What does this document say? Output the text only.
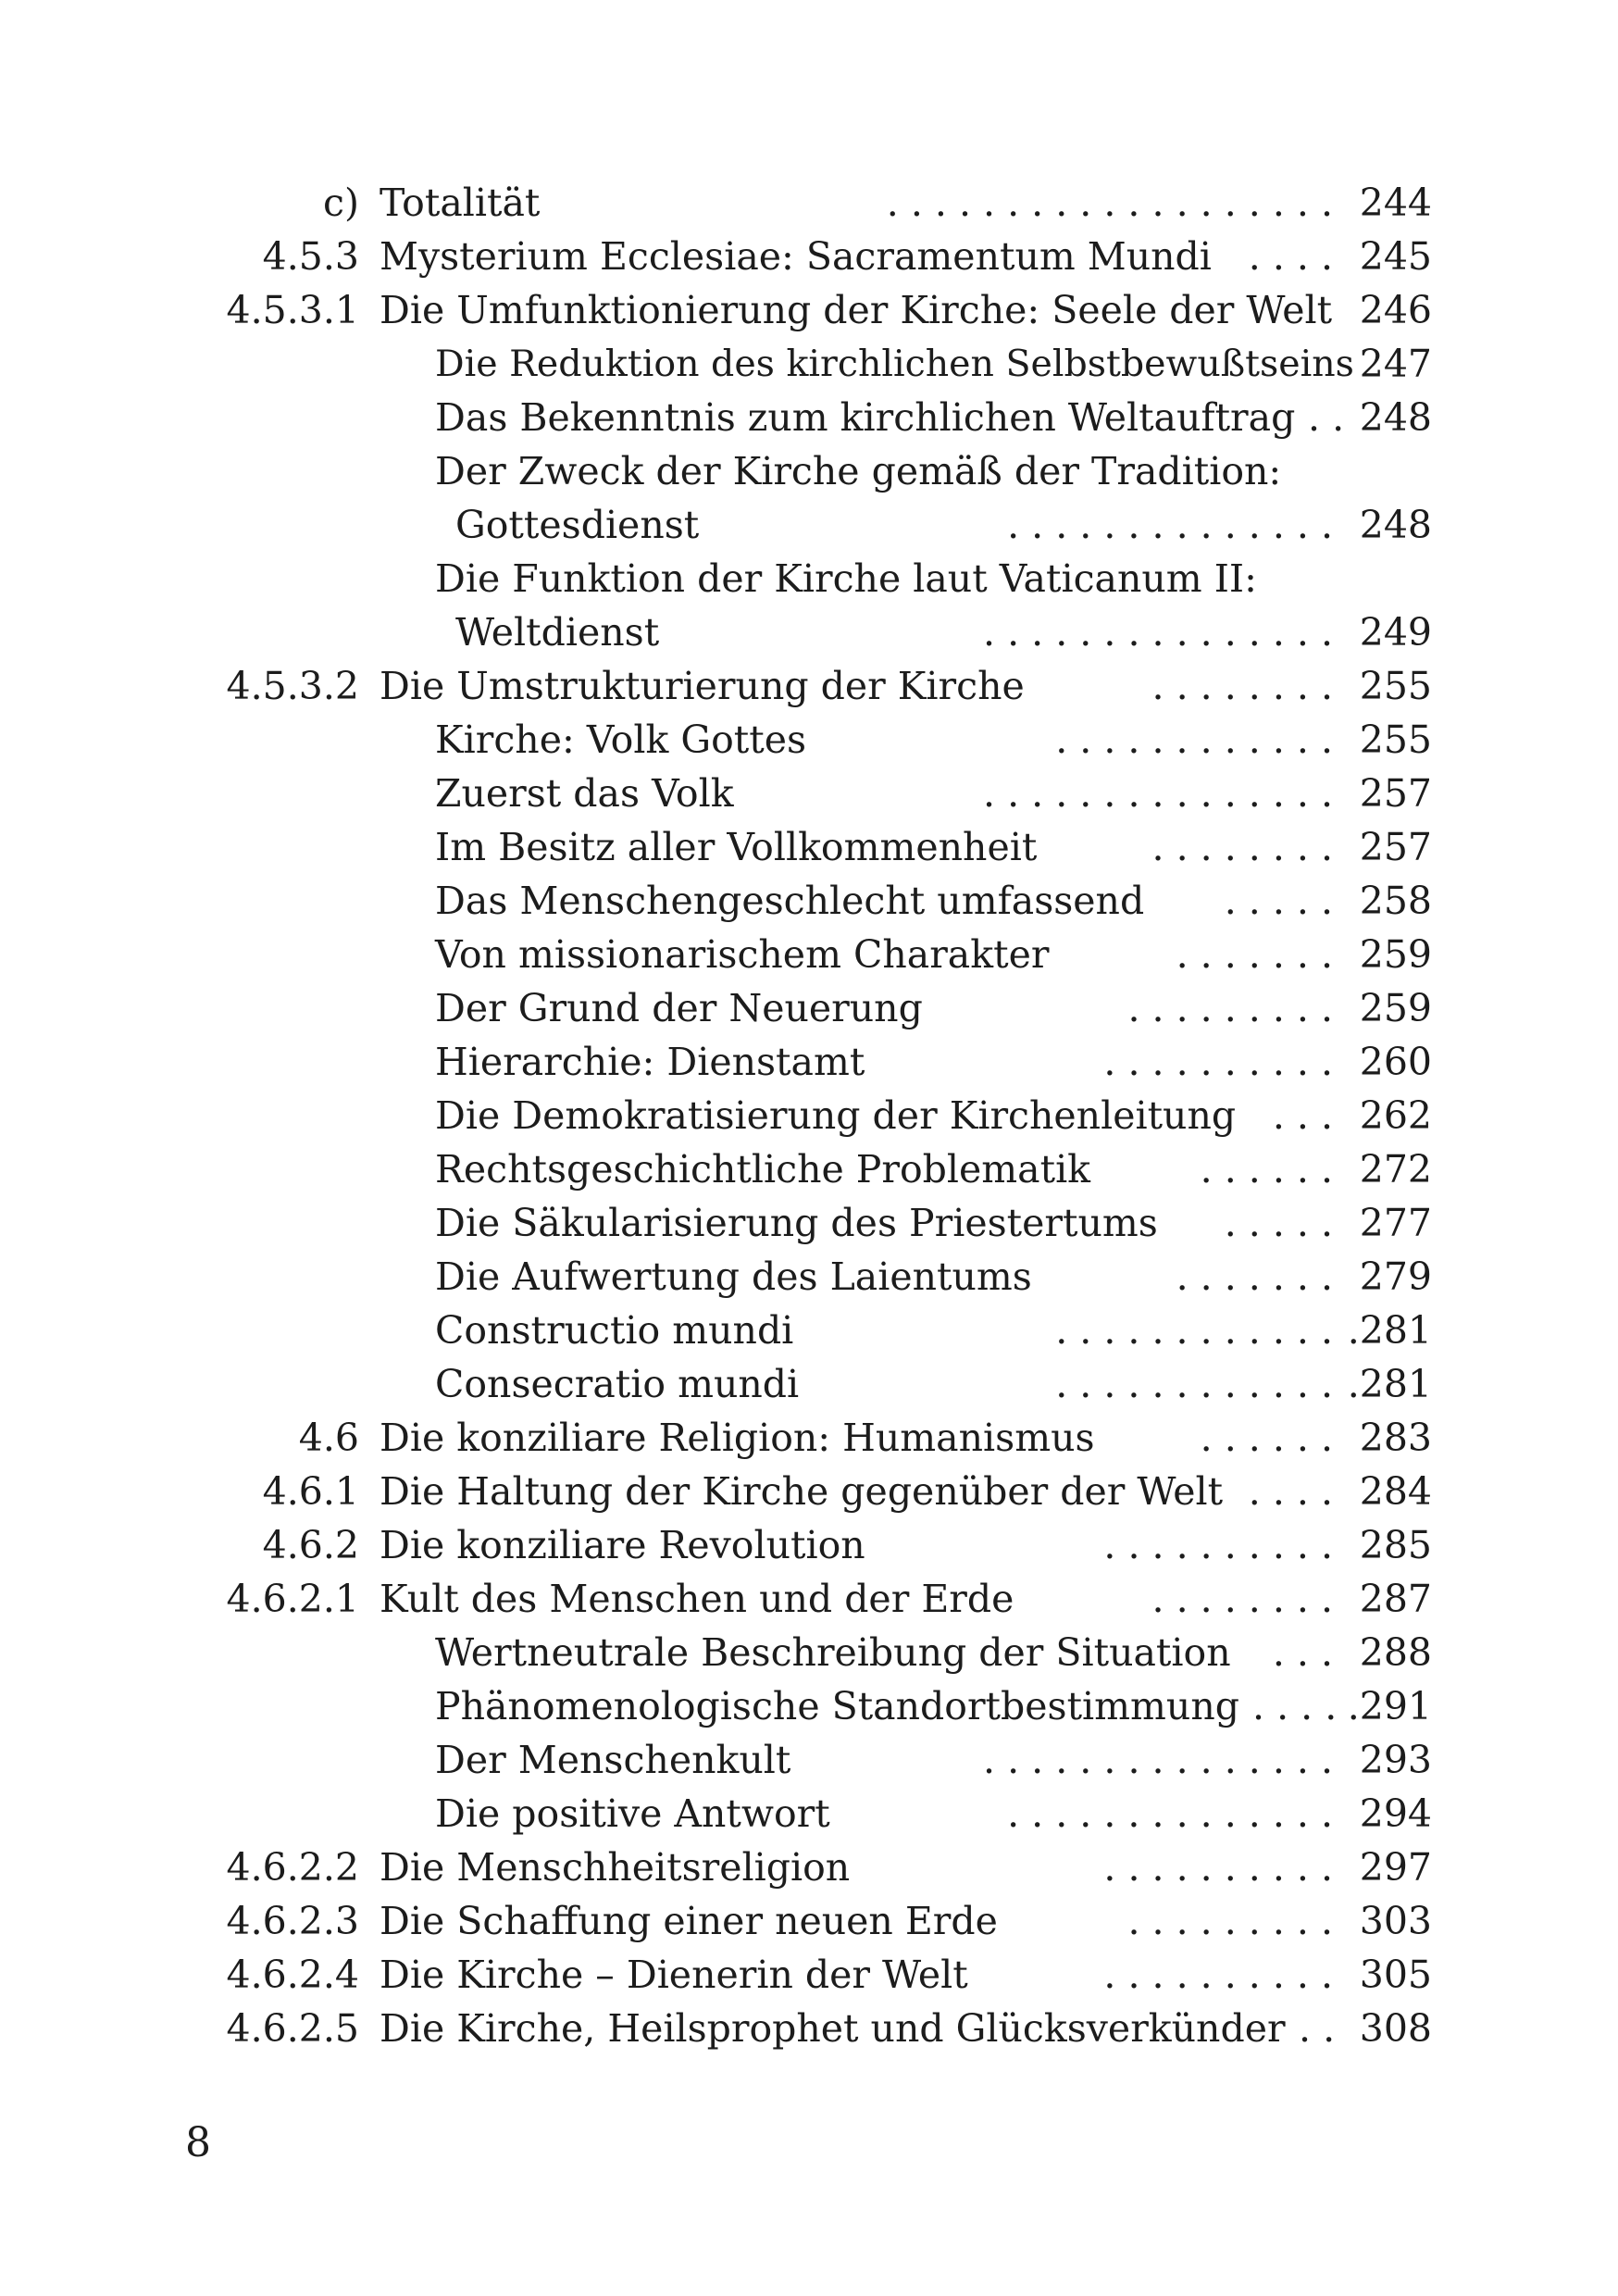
c) Totalität	. . . . . . . . . . . . . . . . . . . 244
4.5.3 Mysterium Ecclesiae: Sacramentum Mundi . . . . 245
4.5.3.1 Die Umfunktionierung der Kirche: Seele der Welt 246
Die Reduktion des kirchlichen Selbstbewußtseins 247
Das Bekenntnis zum kirchlichen Weltauftrag . . 248
Der Zweck der Kirche gemäß der Tradition:
Gottesdienst	. . . . . . . . . . . . . . 248
Die Funktion der Kirche laut Vaticanum II:
Weltdienst	. . . . . . . . . . . . . . . 249
4.5.3.2 Die Umstrukturierung der Kirche	. . . . . . . . 255
Kirche: Volk Gottes	. . . . . . . . . . . . 255
Zuerst das Volk	. . . . . . . . . . . . . . . 257
Im Besitz aller Vollkommenheit	. . . . . . . . 257
Das Menschengeschlecht umfassend	. . . . . 258
Von missionarischem Charakter	. . . . . . . 259
Der Grund der Neuerung	. . . . . . . . . 259
Hierarchie: Dienstamt	. . . . . . . . . . 260
Die Demokratisierung der Kirchenleitung . . . 262
Rechtsgeschichtliche Problematik	. . . . . . 272
Die Säkularisierung des Priestertums	. . . . . 277
Die Aufwertung des Laientums	. . . . . . . 279
Constructio mundi	. . . . . . . . . . . . .281
Consecratio mundi	. . . . . . . . . . . . .281
4.6 Die konziliare Religion: Humanismus	. . . . . . 283
4.6.1 Die Haltung der Kirche gegenüber der Welt . . . . 284
4.6.2 Die konziliare Revolution	. . . . . . . . . . 285
4.6.2.1 Kult des Menschen und der Erde	. . . . . . . . 287
Wertneutrale Beschreibung der Situation	. . . 288
Phänomenologische Standortbestimmung . . . . .291
Der Menschenkult	. . . . . . . . . . . . . . . 293
Die positive Antwort	. . . . . . . . . . . . . . 294
4.6.2.2 Die Menschheitsreligion	. . . . . . . . . . 297
4.6.2.3 Die Schaffung einer neuen Erde	. . . . . . . . . 303
4.6.2.4 Die Kirche – Dienerin der Welt	. . . . . . . . . . 305
4.6.2.5 Die Kirche, Heilsprophet und Glücksverkünder . . 308
8
